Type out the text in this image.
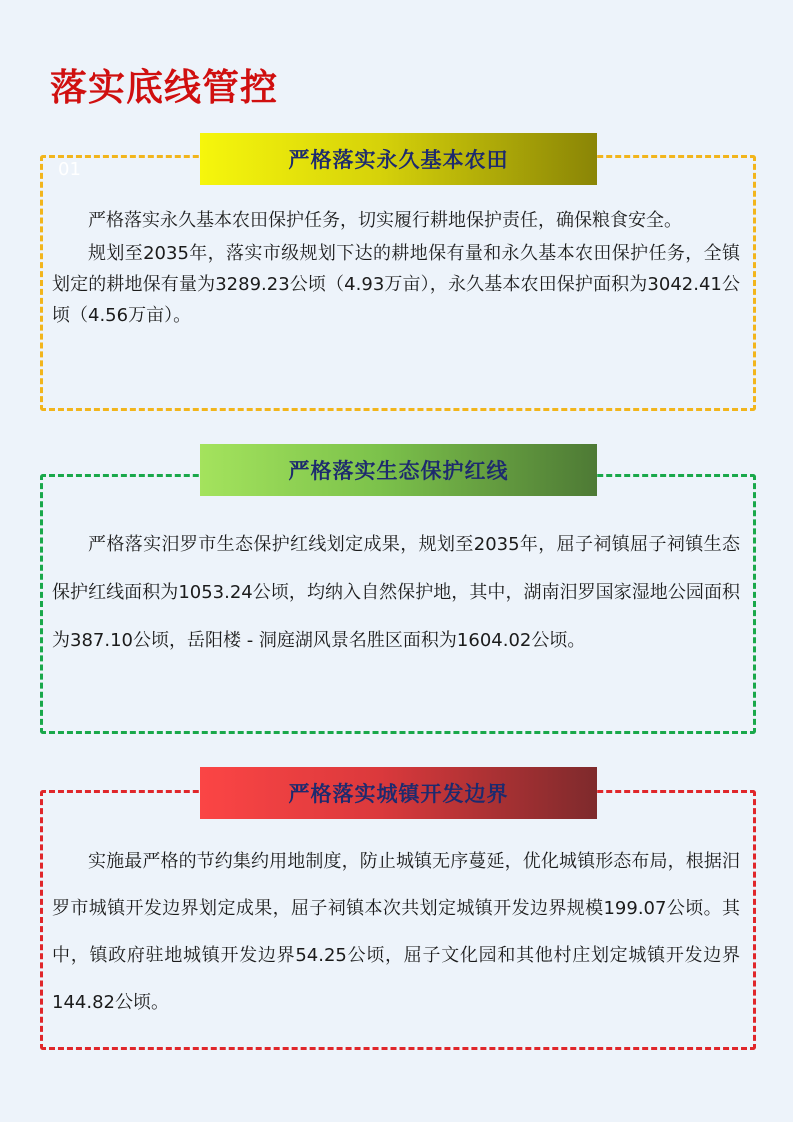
落实底线管控
01	严格落实永久基本农田

严格落实永久基本农田保护任务，切实履行耕地保护责任，确保粮食安全。

规划至2035年，落实市级规划下达的耕地保有量和永久基本农田保护任务，全镇划定的耕地保有量为3289.23公顷（4.93万亩），永久基本农田保护面积为3042.41公顷（4.56万亩）。

严格落实生态保护红线

严格落实汨罗市生态保护红线划定成果，规划至2035年，屈子祠镇屈子祠镇生态保护红线面积为1053.24公顷，均纳入自然保护地，其中，湖南汨罗国家湿地公园面积为387.10公顷，岳阳楼 - 洞庭湖风景名胜区面积为1604.02公顷。

严格落实城镇开发边界

实施最严格的节约集约用地制度，防止城镇无序蔓延，优化城镇形态布局，根据汨罗市城镇开发边界划定成果，屈子祠镇本次共划定城镇开发边界规模199.07公顷。其中，镇政府驻地城镇开发边界54.25公顷，屈子文化园和其他村庄划定城镇开发边界144.82公顷。
